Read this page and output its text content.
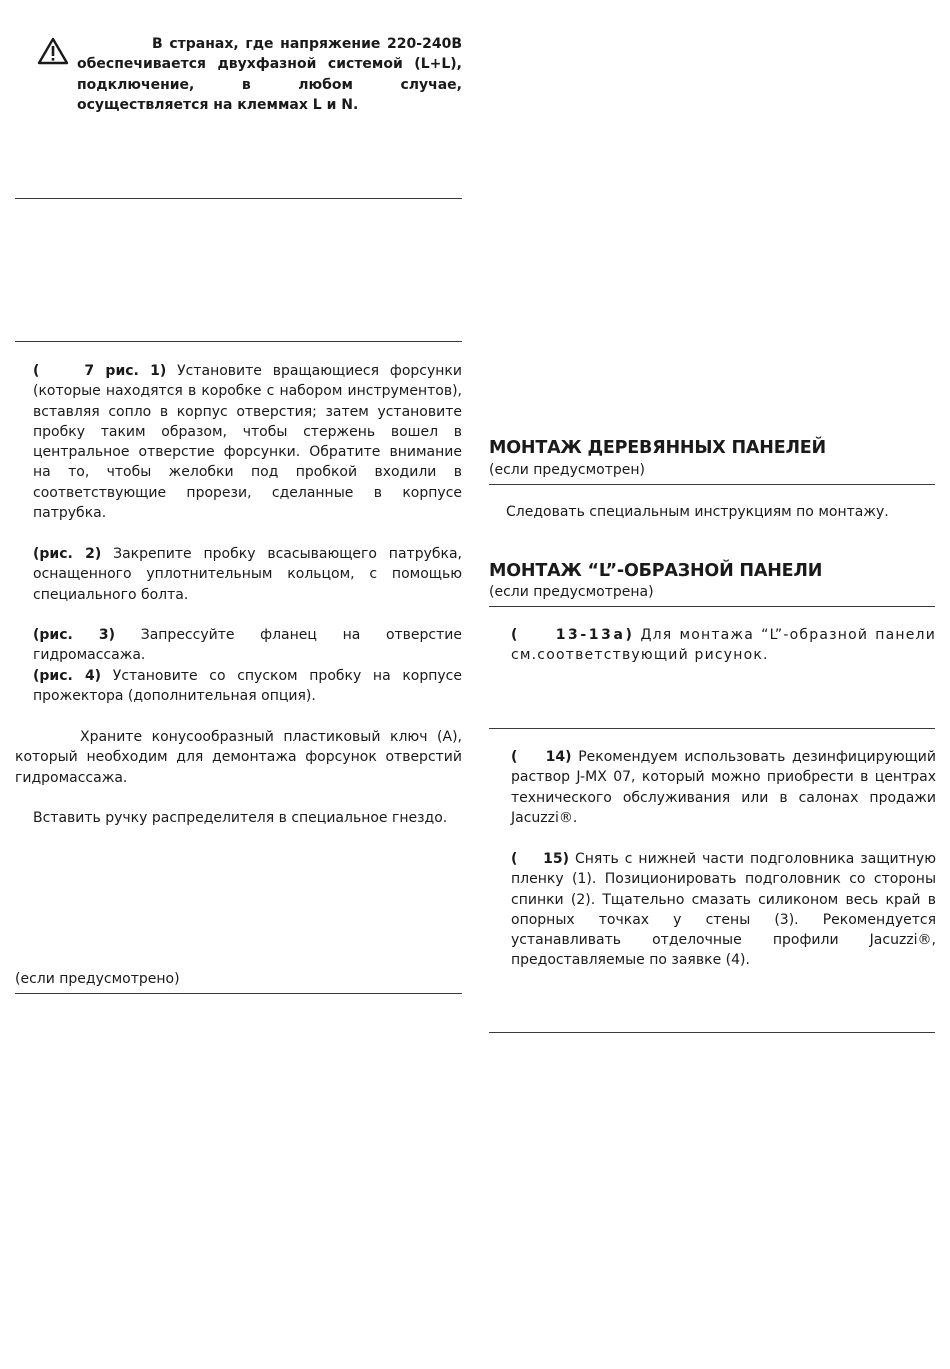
В странах, где напряжение 220-240В обеспечивается двухфазной системой (L+L), подключение, в любом случае, осуществляется на клеммах L и N.

(    7 рис. 1) Установите вращающиеся форсунки (которые находятся в коробке с набором инструментов), вставляя сопло в корпус отверстия; затем установите пробку таким образом, чтобы стержень вошел в центральное отверстие форсунки. Обратите внимание на то, чтобы желобки под пробкой входили в соответствующие прорези, сделанные в корпусе патрубка.

(рис. 2) Закрепите пробку всасывающего патрубка, оснащенного уплотнительным кольцом, с помощью специального болта.

(рис. 3) Запрессуйте фланец на отверстие гидромассажа.

(рис. 4) Установите со спуском пробку на корпусе прожектора (дополнительная опция).

Храните конусообразный пластиковый ключ (А), который необходим для демонтажа форсунок отверстий гидромассажа.

Вставить ручку распределителя в специальное гнездо.

(если предусмотрено)

МОНТАЖ ДЕРЕВЯННЫХ ПАНЕЛЕЙ

(если предусмотрен)

Следовать специальным инструкциям по монтажу.

МОНТАЖ “L”-ОБРАЗНОЙ ПАНЕЛИ

(если предусмотрена)

(    13-13a) Для монтажа “L”-образной панели см.соответствующий рисунок.

(    14) Рекомендуем использовать дезинфицирующий раствор J-MX 07, который можно приобрести в центрах технического обслуживания или в салонах продажи Jacuzzi®.

(    15) Снять с нижней части подголовника защитную пленку (1). Позиционировать подголовник со стороны спинки (2). Тщательно смазать силиконом весь край в опорных точках у стены (3). Рекомендуется устанавливать отделочные профили Jacuzzi®, предоставляемые по заявке (4).
